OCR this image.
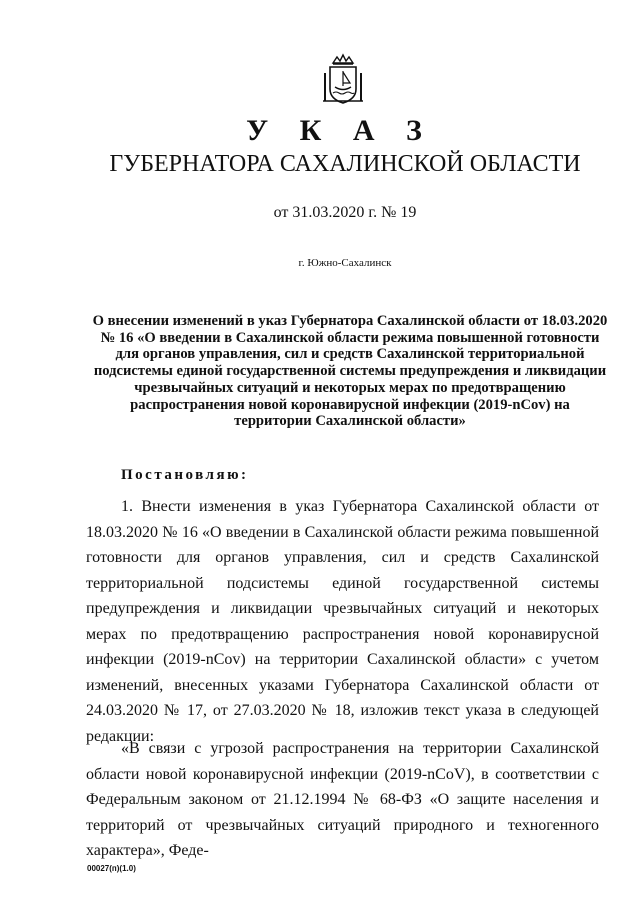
У К А З
ГУБЕРНАТОРА САХАЛИНСКОЙ ОБЛАСТИ
от 31.03.2020 г. № 19
г. Южно-Сахалинск
О внесении изменений в указ Губернатора Сахалинской области от 18.03.2020 № 16 «О введении в Сахалинской области режима повышенной готовности для органов управления, сил и средств Сахалинской территориальной подсистемы единой государственной системы предупреждения и ликвидации чрезвычайных ситуаций и некоторых мерах по предотвращению распространения новой коронавирусной инфекции (2019-nCov) на территории Сахалинской области»
Постановляю:
1. Внести изменения в указ Губернатора Сахалинской области от 18.03.2020 № 16 «О введении в Сахалинской области режима повышенной готовности для органов управления, сил и средств Сахалинской территориальной подсистемы единой государственной системы предупреждения и ликвидации чрезвычайных ситуаций и некоторых мерах по предотвращению распространения новой коронавирусной инфекции (2019-nCov) на территории Сахалинской области» с учетом изменений, внесенных указами Губернатора Сахалинской области от 24.03.2020 № 17, от 27.03.2020 № 18, изложив текст указа в следующей редакции:
«В связи с угрозой распространения на территории Сахалинской области новой коронавирусной инфекции (2019-nCoV), в соответствии с Федеральным законом от 21.12.1994 № 68-ФЗ «О защите населения и территорий от чрезвычайных ситуаций природного и техногенного характера», Феде-
00027(п)(1.0)
